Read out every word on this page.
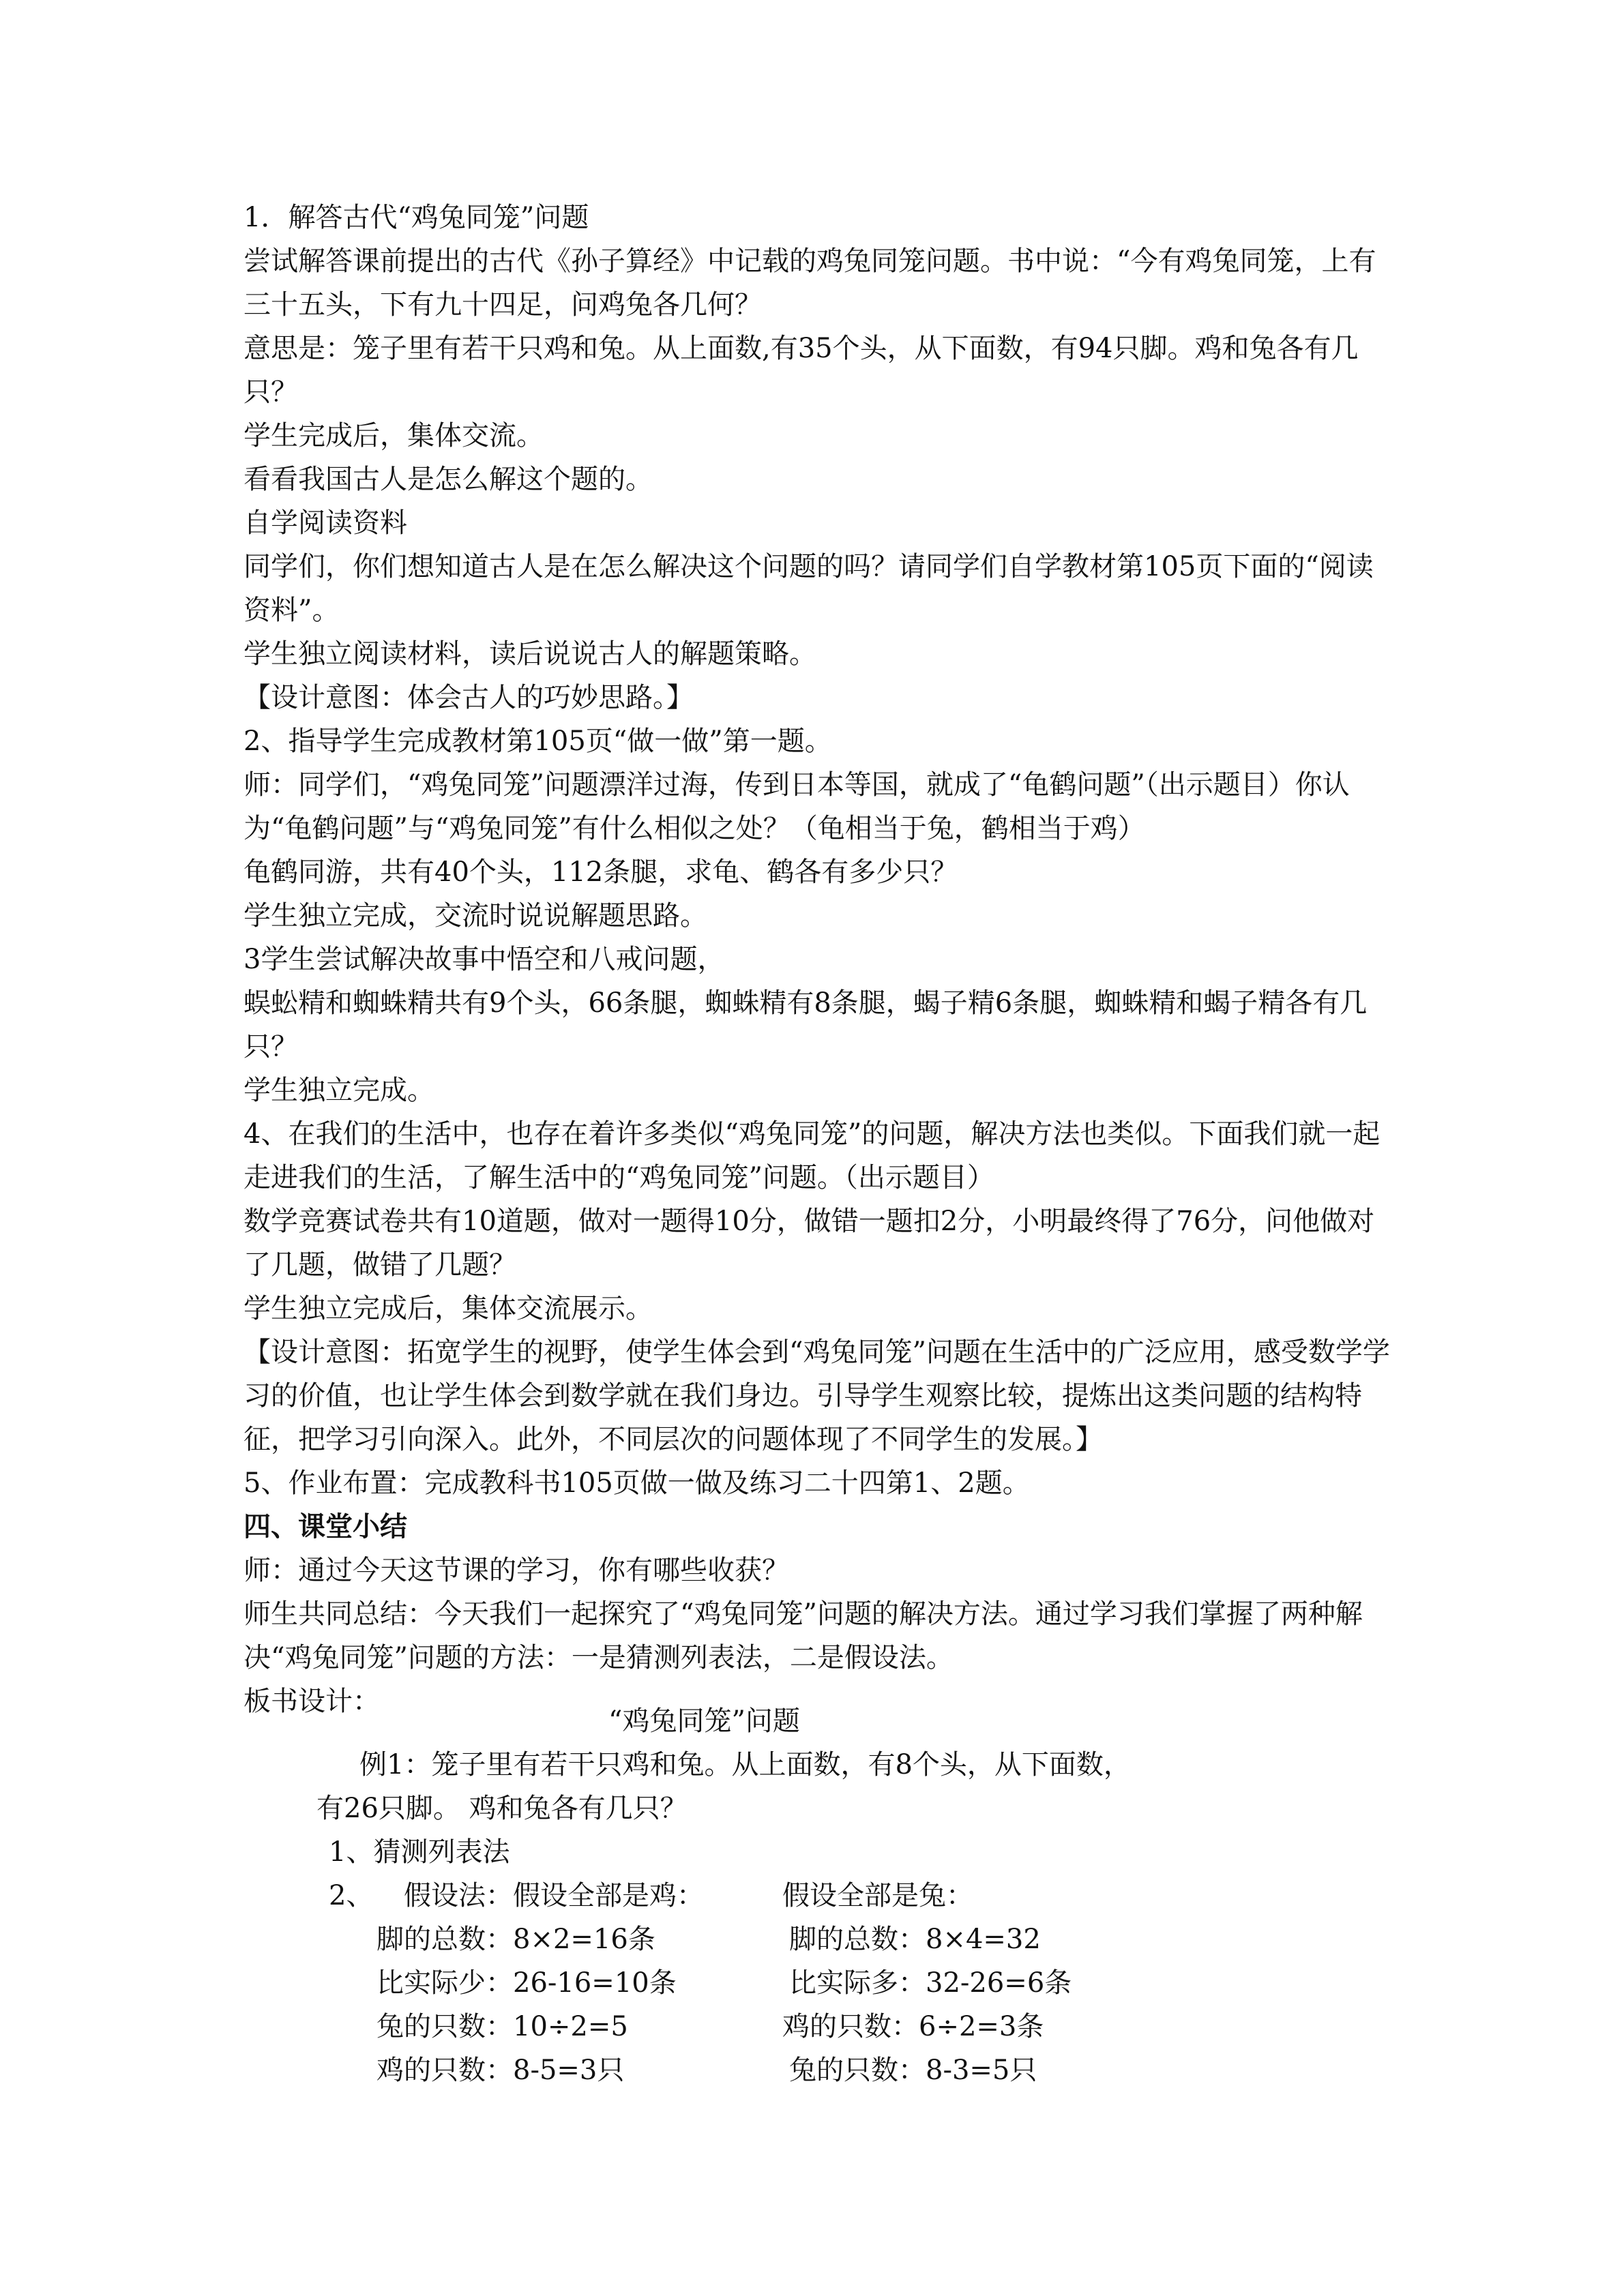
1．解答古代“鸡兔同笼”问题

尝试解答课前提出的古代《孙子算经》中记载的鸡兔同笼问题。书中说：“今有鸡兔同笼，上有三十五头，下有九十四足，问鸡兔各几何？

意思是：笼子里有若干只鸡和兔。从上面数,有35个头，从下面数，有94只脚。鸡和兔各有几只？

学生完成后，集体交流。

看看我国古人是怎么解这个题的。

自学阅读资料

同学们，你们想知道古人是在怎么解决这个问题的吗？请同学们自学教材第105页下面的“阅读资料”。

学生独立阅读材料，读后说说古人的解题策略。

【设计意图：体会古人的巧妙思路。】

2、指导学生完成教材第105页“做一做”第一题。

师：同学们，“鸡兔同笼”问题漂洋过海，传到日本等国，就成了“龟鹤问题”（出示题目）你认为“龟鹤问题”与“鸡兔同笼”有什么相似之处？（龟相当于兔，鹤相当于鸡）

龟鹤同游，共有40个头，112条腿，求龟、鹤各有多少只？

学生独立完成，交流时说说解题思路。

3学生尝试解决故事中悟空和八戒问题，

蜈蚣精和蜘蛛精共有9个头，66条腿，蜘蛛精有8条腿，蝎子精6条腿，蜘蛛精和蝎子精各有几只？

学生独立完成。

4、在我们的生活中，也存在着许多类似“鸡兔同笼”的问题，解决方法也类似。下面我们就一起走进我们的生活，了解生活中的“鸡兔同笼”问题。（出示题目）

数学竞赛试卷共有10道题，做对一题得10分，做错一题扣2分，小明最终得了76分，问他做对了几题，做错了几题？

学生独立完成后，集体交流展示。

【设计意图：拓宽学生的视野，使学生体会到“鸡兔同笼”问题在生活中的广泛应用，感受数学学习的价值，也让学生体会到数学就在我们身边。引导学生观察比较，提炼出这类问题的结构特征，把学习引向深入。此外，不同层次的问题体现了不同学生的发展。】

5、作业布置：完成教科书105页做一做及练习二十四第1、2题。

四、课堂小结

师：通过今天这节课的学习，你有哪些收获？

师生共同总结：今天我们一起探究了“鸡兔同笼”问题的解决方法。通过学习我们掌握了两种解决“鸡兔同笼”问题的方法：一是猜测列表法，二是假设法。

板书设计：

“鸡兔同笼”问题
例1：笼子里有若干只鸡和兔。从上面数，有8个头，从下面数，
有26只脚。 鸡和兔各有几只？
1、猜测列表法
2、 假设法：假设全部是鸡：	假设全部是兔：
脚的总数：8×2=16条	脚的总数：8×4=32
比实际少：26-16=10条	比实际多：32-26=6条
兔的只数：10÷2=5	鸡的只数：6÷2=3条
鸡的只数：8-5=3只	兔的只数：8-3=5只
